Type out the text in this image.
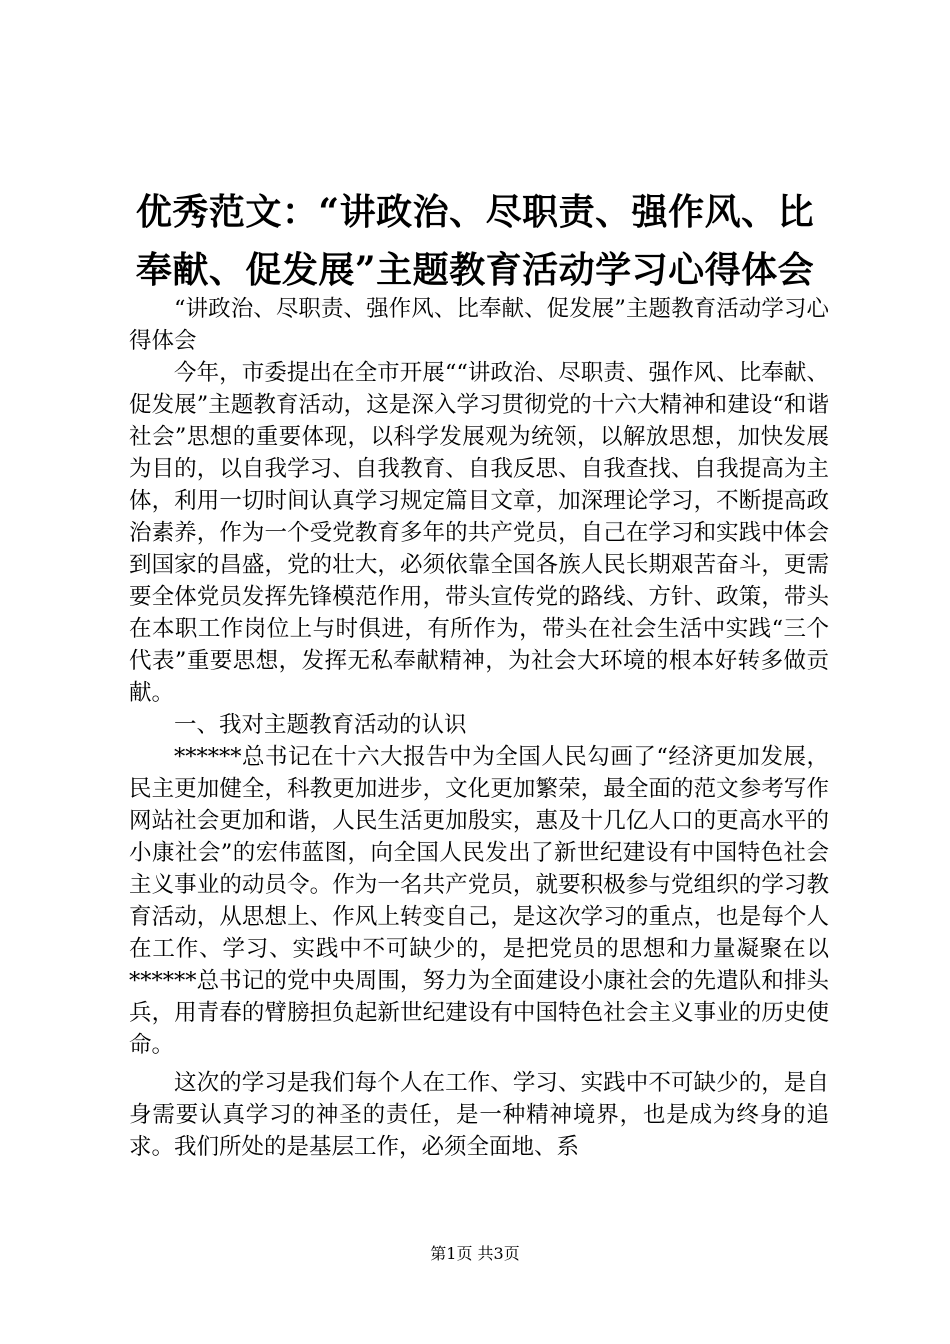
优秀范文：“讲政治、尽职责、强作风、比奉献、促发展”主题教育活动学习心得体会

“讲政治、尽职责、强作风、比奉献、促发展”主题教育活动学习心得体会

今年，市委提出在全市开展““讲政治、尽职责、强作风、比奉献、促发展”主题教育活动，这是深入学习贯彻党的十六大精神和建设“和谐社会”思想的重要体现，以科学发展观为统领，以解放思想，加快发展为目的，以自我学习、自我教育、自我反思、自我查找、自我提高为主体，利用一切时间认真学习规定篇目文章，加深理论学习，不断提高政治素养，作为一个受党教育多年的共产党员，自己在学习和实践中体会到国家的昌盛，党的壮大，必须依靠全国各族人民长期艰苦奋斗，更需要全体党员发挥先锋模范作用，带头宣传党的路线、方针、政策，带头在本职工作岗位上与时俱进，有所作为，带头在社会生活中实践“三个代表”重要思想，发挥无私奉献精神，为社会大环境的根本好转多做贡献。

一、我对主题教育活动的认识

******总书记在十六大报告中为全国人民勾画了“经济更加发展，民主更加健全，科教更加进步，文化更加繁荣，最全面的范文参考写作网站社会更加和谐，人民生活更加殷实，惠及十几亿人口的更高水平的小康社会”的宏伟蓝图，向全国人民发出了新世纪建设有中国特色社会主义事业的动员令。作为一名共产党员，就要积极参与党组织的学习教育活动，从思想上、作风上转变自己，是这次学习的重点，也是每个人在工作、学习、实践中不可缺少的，是把党员的思想和力量凝聚在以******总书记的党中央周围，努力为全面建设小康社会的先遣队和排头兵，用青春的臂膀担负起新世纪建设有中国特色社会主义事业的历史使命。

这次的学习是我们每个人在工作、学习、实践中不可缺少的，是自身需要认真学习的神圣的责任，是一种精神境界，也是成为终身的追求。我们所处的是基层工作，必须全面地、系

第1页 共3页
